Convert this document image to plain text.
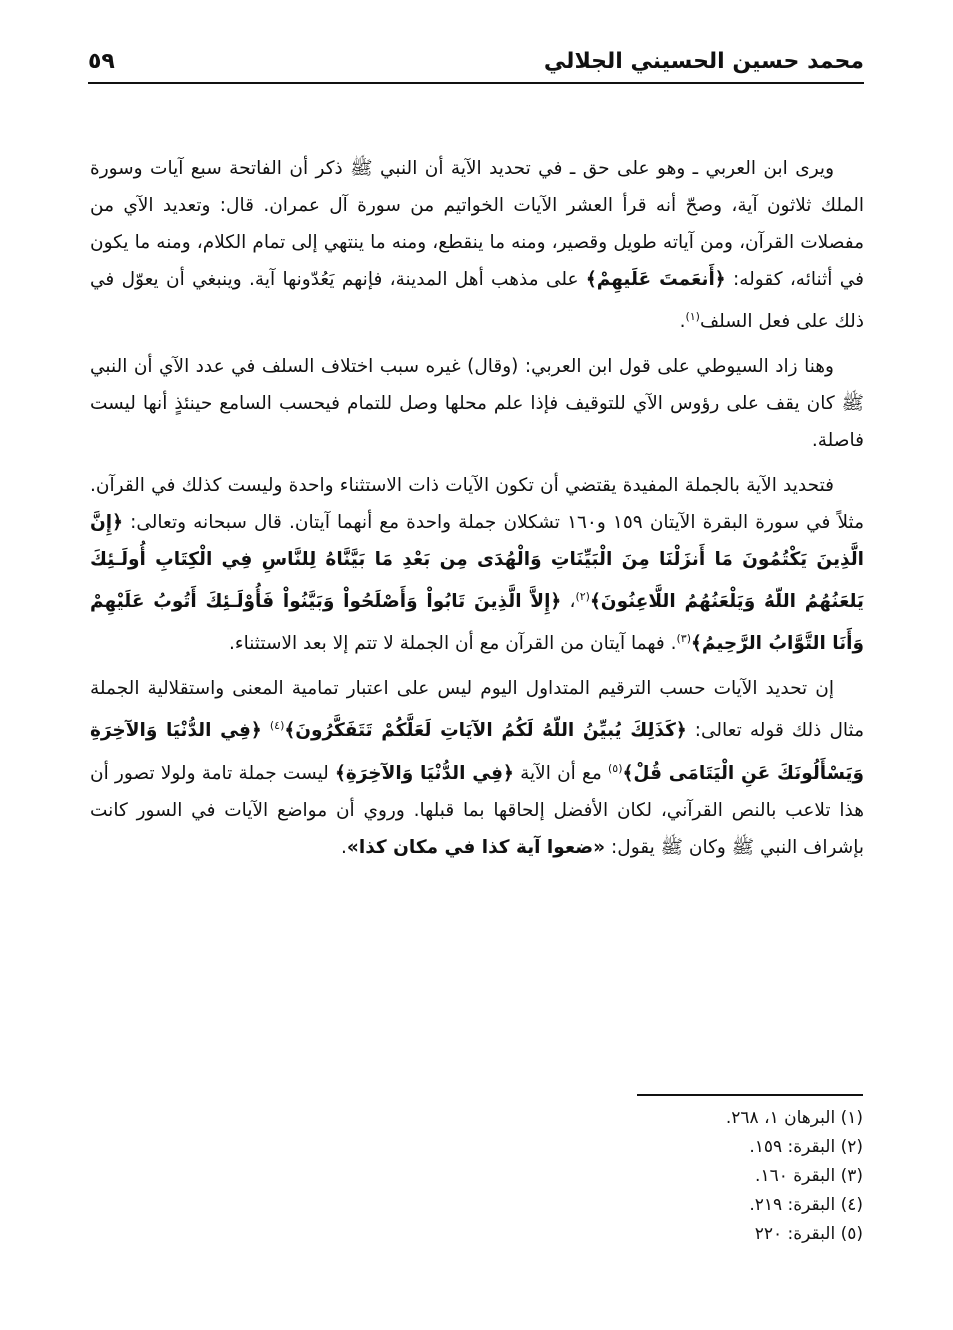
٥٩	محمد حسين الحسيني الجلالي

ويرى ابن العربي ـ وهو على حق ـ في تحديد الآية أن النبي ﷺ ذكر أن الفاتحة سبع آيات وسورة الملك ثلاثون آية، وصحّ أنه قرأ العشر الآيات الخواتيم من سورة آل عمران. قال: وتعديد الآي من مفصلات القرآن، ومن آياته طويل وقصير، ومنه ما ينقطع، ومنه ما ينتهي إلى تمام الكلام، ومنه ما يكون في أثنائه، كقوله: ﴿أَنعَمتَ عَلَيهِمْ﴾ على مذهب أهل المدينة، فإنهم يَعُدّونها آية. وينبغي أن يعوّل في ذلك على فعل السلف$^{(١)}$.

وهنا زاد السيوطي على قول ابن العربي: (وقال) غيره سبب اختلاف السلف في عدد الآي أن النبي ﷺ كان يقف على رؤوس الآي للتوقيف فإذا علم محلها وصل للتمام فيحسب السامع حينئذٍ أنها ليست فاصلة.

فتحديد الآية بالجملة المفيدة يقتضي أن تكون الآيات ذات الاستثناء واحدة وليست كذلك في القرآن. مثلاً في سورة البقرة الآيتان ١٥٩ و١٦٠ تشكلان جملة واحدة مع أنهما آيتان. قال سبحانه وتعالى: ﴿إِنَّ الَّذِينَ يَكْتُمُونَ مَا أَنزَلْنَا مِنَ الْبَيِّنَاتِ وَالْهُدَى مِن بَعْدِ مَا بَيَّنَّاهُ لِلنَّاسِ فِي الْكِتَابِ أُولَـئِكَ يَلعَنُهُمُ اللّهُ وَيَلْعَنُهُمُ اللَّاعِنُونَ﴾$^{(٢)}$، ﴿إِلاَّ الَّذِينَ تَابُواْ وَأَصْلَحُواْ وَبَيَّنُواْ فَأُوْلَـئِكَ أَتُوبُ عَلَيْهِمْ وَأَنَا التَّوَّابُ الرَّحِيمُ﴾$^{(٣)}$. فهما آيتان من القرآن مع أن الجملة لا تتم إلا بعد الاستثناء.

إن تحديد الآيات حسب الترقيم المتداول اليوم ليس على اعتبار تمامية المعنى واستقلالية الجملة مثال ذلك قوله تعالى: ﴿كَذَلِكَ يُبيِّنُ اللّهُ لَكُمُ الآيَاتِ لَعَلَّكُمْ تَتَفَكَّرُونَ﴾$^{(٤)}$ ﴿فِي الدُّنْيَا وَالآخِرَةِ وَيَسْأَلُونَكَ عَنِ الْيَتَامَى قُلْ﴾$^{(٥)}$ مع أن الآية ﴿فِي الدُّنْيَا وَالآخِرَةِ﴾ ليست جملة تامة ولولا تصور أن هذا تلاعب بالنص القرآني، لكان الأفضل إلحاقها بما قبلها. وروي أن مواضع الآيات في السور كانت بإشراف النبي ﷺ وكان ﷺ يقول: «ضعوا آية كذا في مكان كذا».

(١) البرهان ١، ٢٦٨.
(٢) البقرة: ١٥٩.
(٣) البقرة ١٦٠.
(٤) البقرة: ٢١٩.
(٥) البقرة: ٢٢٠
